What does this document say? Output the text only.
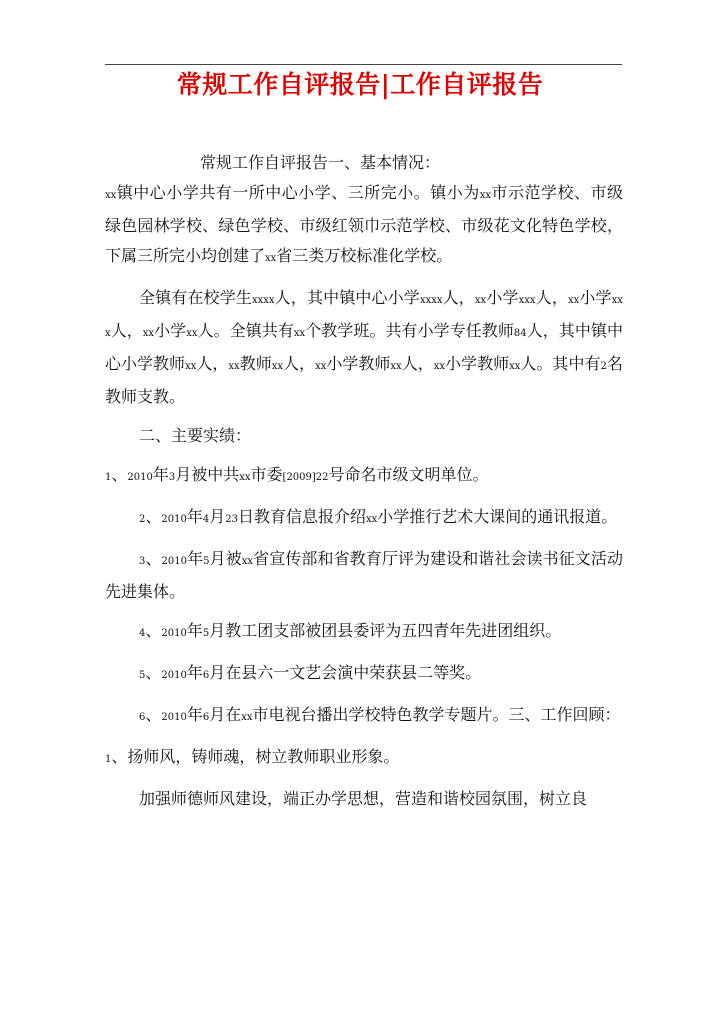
常规工作自评报告|工作自评报告

常规工作自评报告一、基本情况：

xx镇中心小学共有一所中心小学、三所完小。镇小为xx市示范学校、市级绿色园林学校、绿色学校、市级红领巾示范学校、市级花文化特色学校，下属三所完小均创建了xx省三类万校标准化学校。

全镇有在校学生xxxx人，其中镇中心小学xxxx人，xx小学xxx人，xx小学xxx人，xx小学xx人。全镇共有xx个教学班。共有小学专任教师84人，其中镇中心小学教师xx人，xx教师xx人，xx小学教师xx人，xx小学教师xx人。其中有2名教师支教。

二、主要实绩：

1、2010年3月被中共xx市委[2009]22号命名市级文明单位。

2、2010年4月23日教育信息报介绍xx小学推行艺术大课间的通讯报道。

3、2010年5月被xx省宣传部和省教育厅评为建设和谐社会读书征文活动先进集体。

4、2010年5月教工团支部被团县委评为五四青年先进团组织。

5、2010年6月在县六一文艺会演中荣获县二等奖。

6、2010年6月在xx市电视台播出学校特色教学专题片。三、工作回顾：

1、扬师风，铸师魂，树立教师职业形象。

加强师德师风建设，端正办学思想，营造和谐校园氛围，树立良
